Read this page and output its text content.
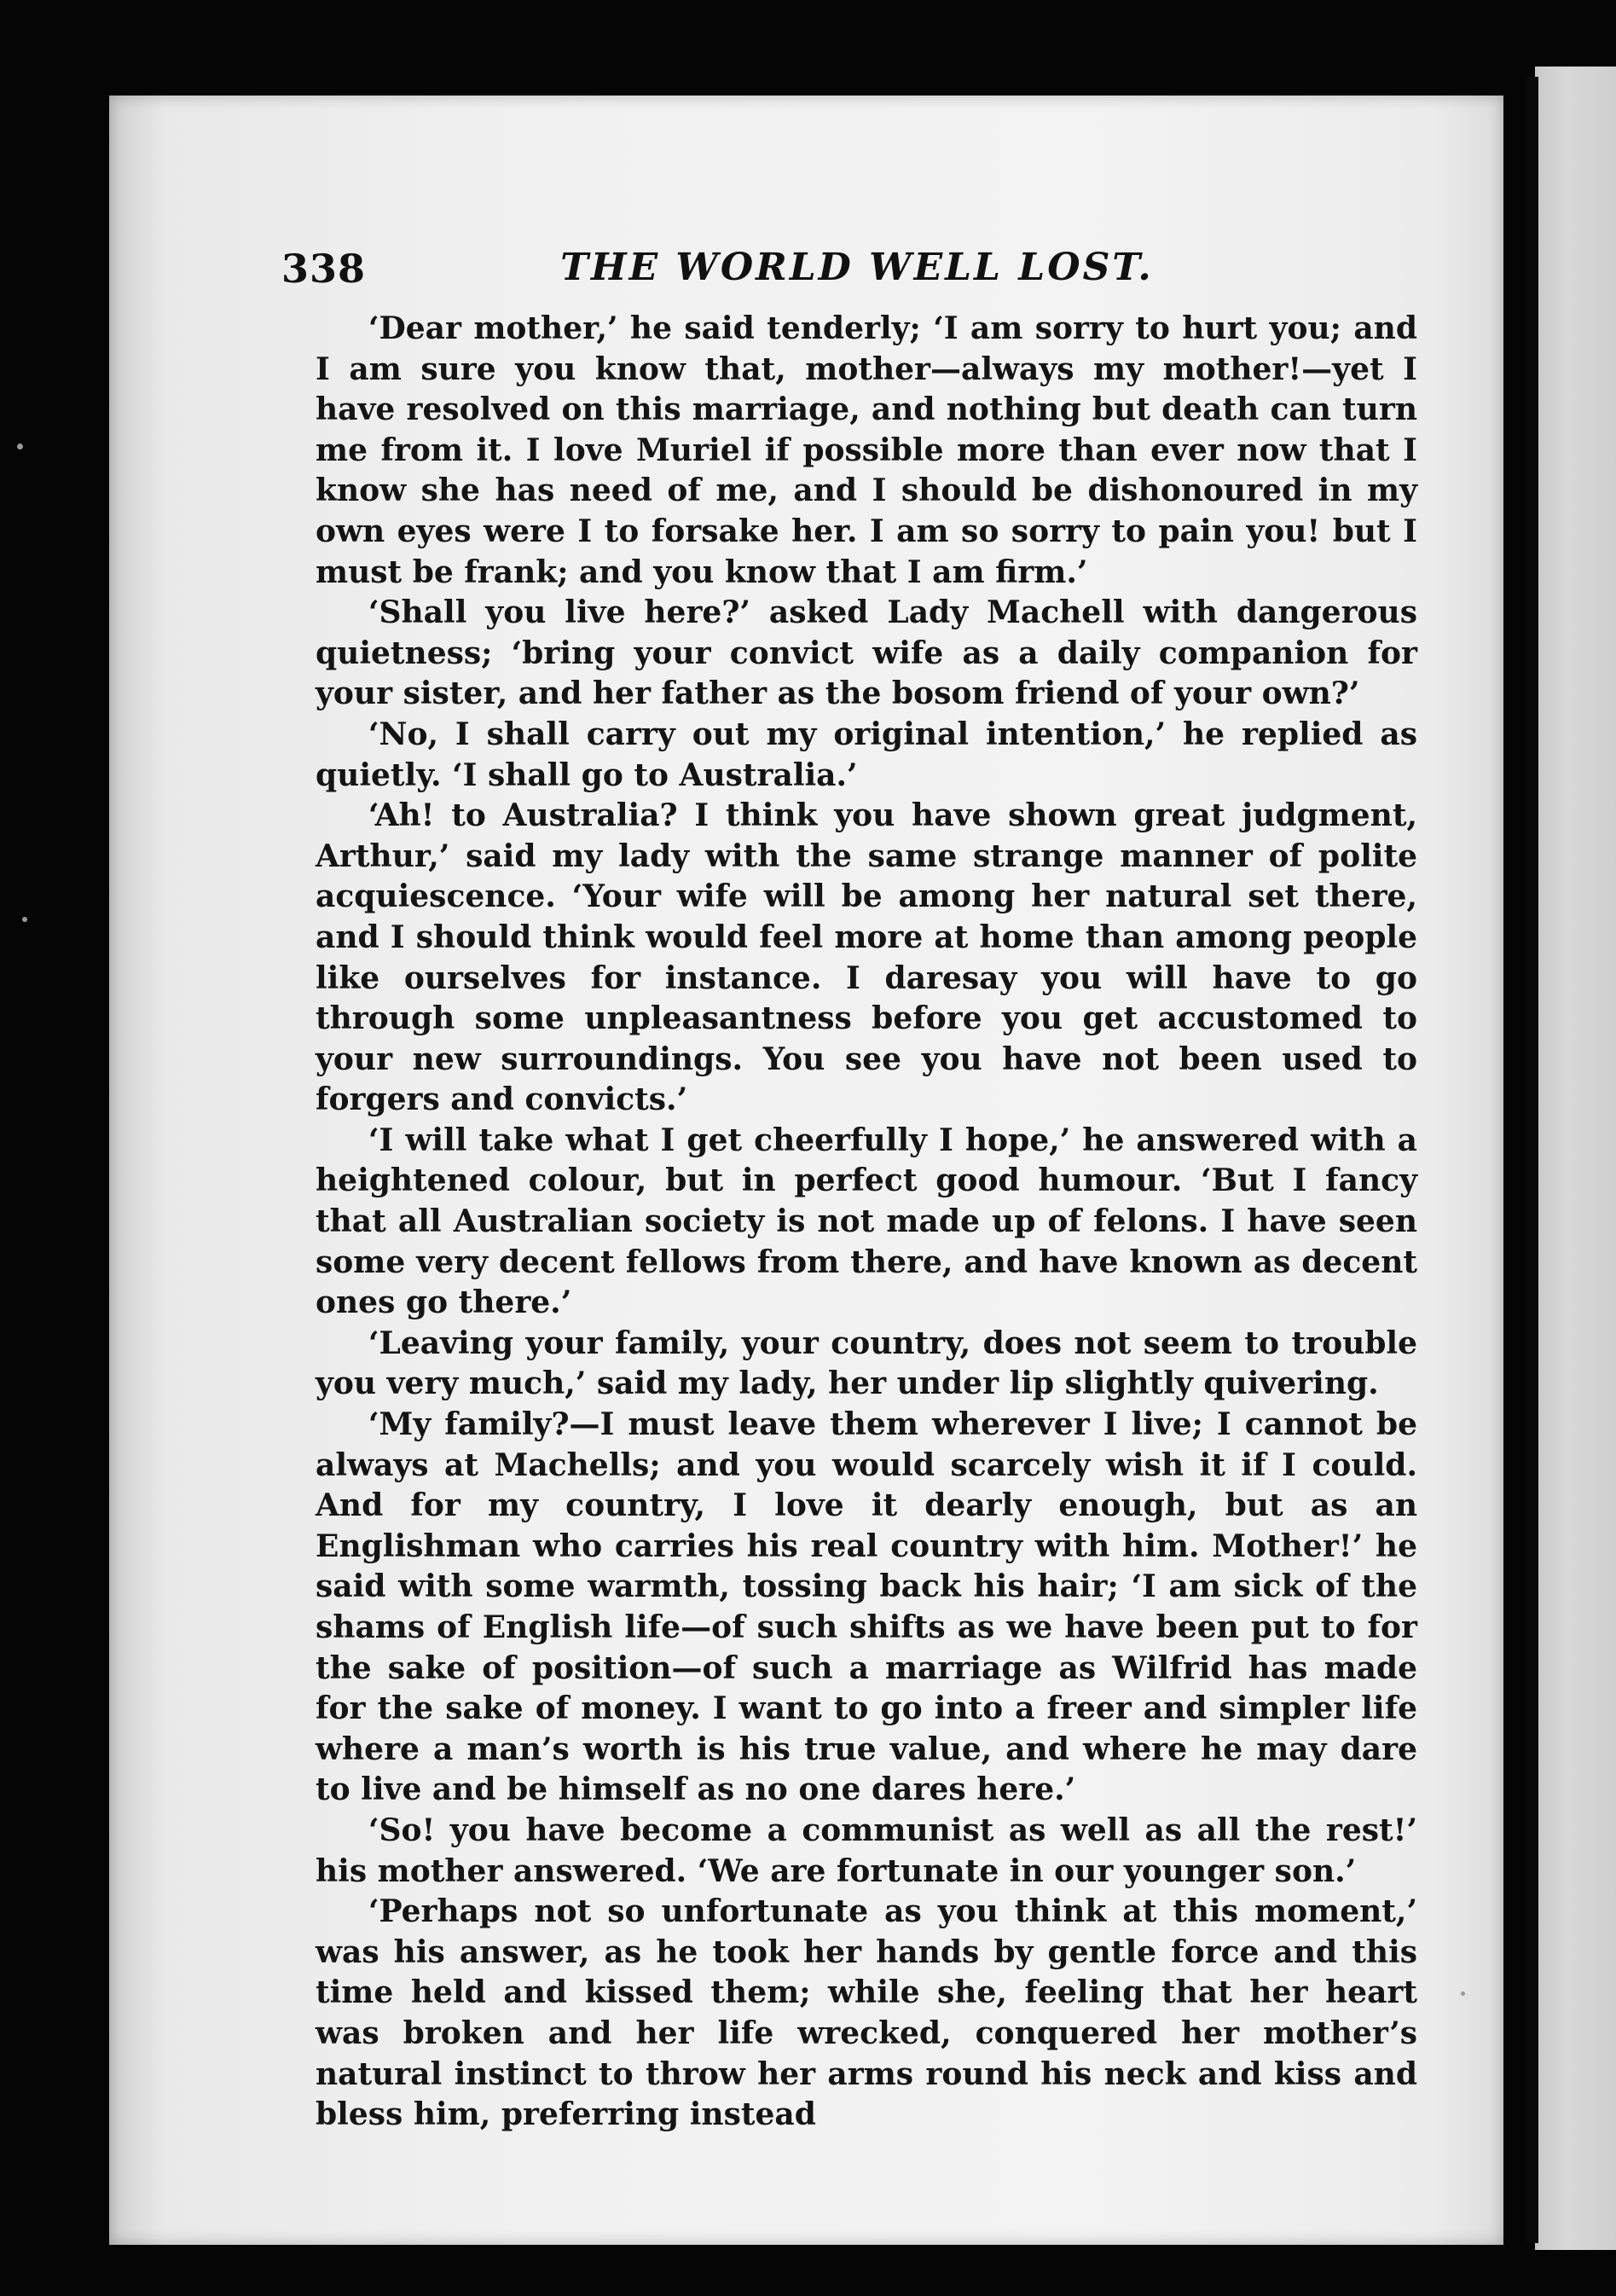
338	THE WORLD WELL LOST.

‘Dear mother,’ he said tenderly; ‘I am sorry to hurt you; and I am sure you know that, mother—always my mother!—yet I have resolved on this marriage, and nothing but death can turn me from it. I love Muriel if possible more than ever now that I know she has need of me, and I should be dishonoured in my own eyes were I to forsake her. I am so sorry to pain you! but I must be frank; and you know that I am firm.’

‘Shall you live here?’ asked Lady Machell with dangerous quietness; ‘bring your convict wife as a daily companion for your sister, and her father as the bosom friend of your own?’

‘No, I shall carry out my original intention,’ he replied as quietly. ‘I shall go to Australia.’

‘Ah! to Australia? I think you have shown great judgment, Arthur,’ said my lady with the same strange manner of polite acquiescence. ‘Your wife will be among her natural set there, and I should think would feel more at home than among people like ourselves for instance. I daresay you will have to go through some unpleasantness before you get accustomed to your new surroundings. You see you have not been used to forgers and convicts.’

‘I will take what I get cheerfully I hope,’ he answered with a heightened colour, but in perfect good humour. ‘But I fancy that all Australian society is not made up of felons. I have seen some very decent fellows from there, and have known as decent ones go there.’

‘Leaving your family, your country, does not seem to trouble you very much,’ said my lady, her under lip slightly quivering.

‘My family?—I must leave them wherever I live; I cannot be always at Machells; and you would scarcely wish it if I could. And for my country, I love it dearly enough, but as an Englishman who carries his real country with him. Mother!’ he said with some warmth, tossing back his hair; ‘I am sick of the shams of English life—of such shifts as we have been put to for the sake of position—of such a marriage as Wilfrid has made for the sake of money. I want to go into a freer and simpler life where a man’s worth is his true value, and where he may dare to live and be himself as no one dares here.’

‘So! you have become a communist as well as all the rest!’ his mother answered. ‘We are fortunate in our younger son.’

‘Perhaps not so unfortunate as you think at this moment,’ was his answer, as he took her hands by gentle force and this time held and kissed them; while she, feeling that her heart was broken and her life wrecked, conquered her mother’s natural instinct to throw her arms round his neck and kiss and bless him, preferring instead
